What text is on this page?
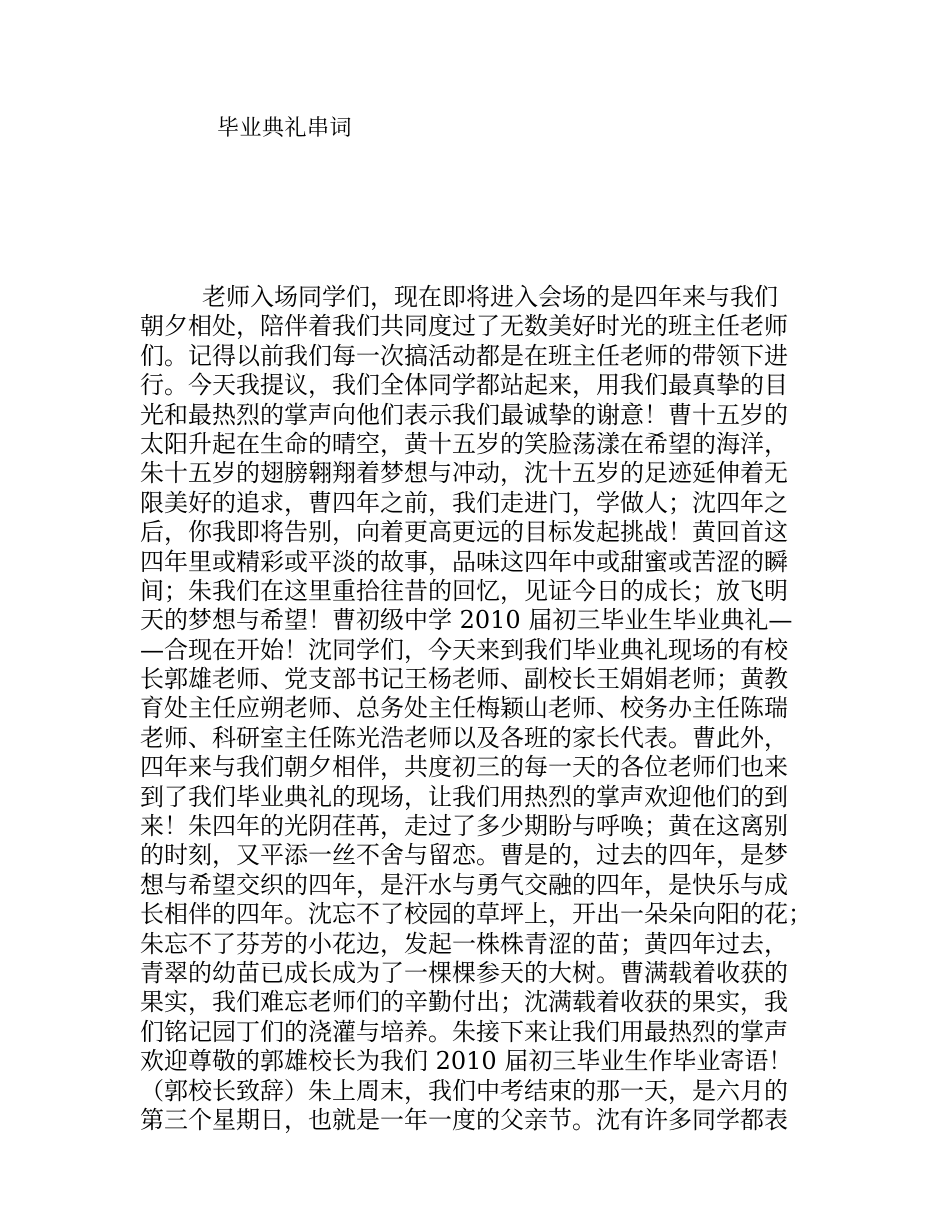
毕业典礼串词
老师入场同学们，现在即将进入会场的是四年来与我们
朝夕相处，陪伴着我们共同度过了无数美好时光的班主任老师
们。记得以前我们每一次搞活动都是在班主任老师的带领下进
行。今天我提议，我们全体同学都站起来，用我们最真挚的目
光和最热烈的掌声向他们表示我们最诚挚的谢意！曹十五岁的
太阳升起在生命的晴空，黄十五岁的笑脸荡漾在希望的海洋，
朱十五岁的翅膀翱翔着梦想与冲动，沈十五岁的足迹延伸着无
限美好的追求，曹四年之前，我们走进门，学做人；沈四年之
后，你我即将告别，向着更高更远的目标发起挑战！黄回首这
四年里或精彩或平淡的故事，品味这四年中或甜蜜或苦涩的瞬
间；朱我们在这里重拾往昔的回忆，见证今日的成长；放飞明
天的梦想与希望！曹初级中学 2010 届初三毕业生毕业典礼—
—合现在开始！沈同学们，今天来到我们毕业典礼现场的有校
长郭雄老师、党支部书记王杨老师、副校长王娟娟老师；黄教
育处主任应朔老师、总务处主任梅颖山老师、校务办主任陈瑞
老师、科研室主任陈光浩老师以及各班的家长代表。曹此外，
四年来与我们朝夕相伴，共度初三的每一天的各位老师们也来
到了我们毕业典礼的现场，让我们用热烈的掌声欢迎他们的到
来！朱四年的光阴荏苒，走过了多少期盼与呼唤；黄在这离别
的时刻，又平添一丝不舍与留恋。曹是的，过去的四年，是梦
想与希望交织的四年，是汗水与勇气交融的四年，是快乐与成
长相伴的四年。沈忘不了校园的草坪上，开出一朵朵向阳的花；
朱忘不了芬芳的小花边，发起一株株青涩的苗；黄四年过去，
青翠的幼苗已成长成为了一棵棵参天的大树。曹满载着收获的
果实，我们难忘老师们的辛勤付出；沈满载着收获的果实，我
们铭记园丁们的浇灌与培养。朱接下来让我们用最热烈的掌声
欢迎尊敬的郭雄校长为我们 2010 届初三毕业生作毕业寄语！
（郭校长致辞）朱上周末，我们中考结束的那一天，是六月的
第三个星期日，也就是一年一度的父亲节。沈有许多同学都表
